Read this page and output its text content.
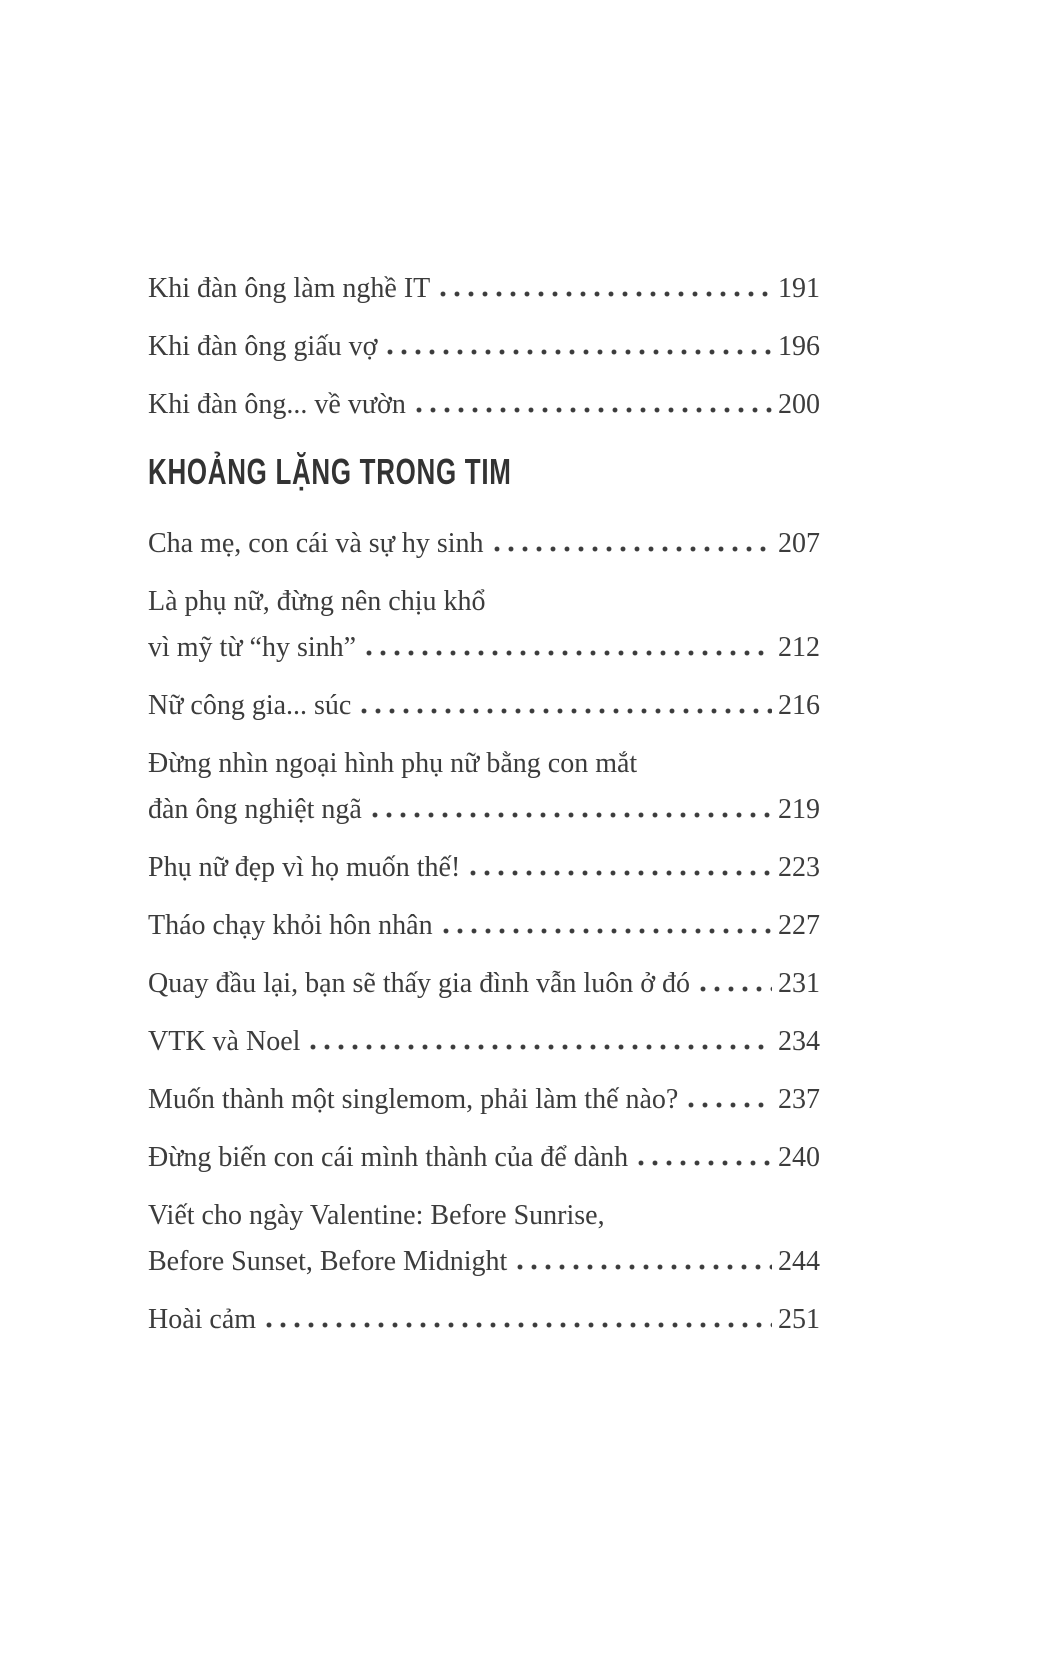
Khi đàn ông làm nghề IT	191
Khi đàn ông giấu vợ	196
Khi đàn ông... về vườn	200
KHOẢNG LẶNG TRONG TIM
Cha mẹ, con cái và sự hy sinh	207
Là phụ nữ, đừng nên chịu khổ
vì mỹ từ “hy sinh”	212
Nữ công gia... súc	216
Đừng nhìn ngoại hình phụ nữ bằng con mắt
đàn ông nghiệt ngã	219
Phụ nữ đẹp vì họ muốn thế!	223
Tháo chạy khỏi hôn nhân	227
Quay đầu lại, bạn sẽ thấy gia đình vẫn luôn ở đó	231
VTK và Noel	234
Muốn thành một singlemom, phải làm thế nào?	237
Đừng biến con cái mình thành của để dành	240
Viết cho ngày Valentine: Before Sunrise,
Before Sunset, Before Midnight	244
Hoài cảm	251
